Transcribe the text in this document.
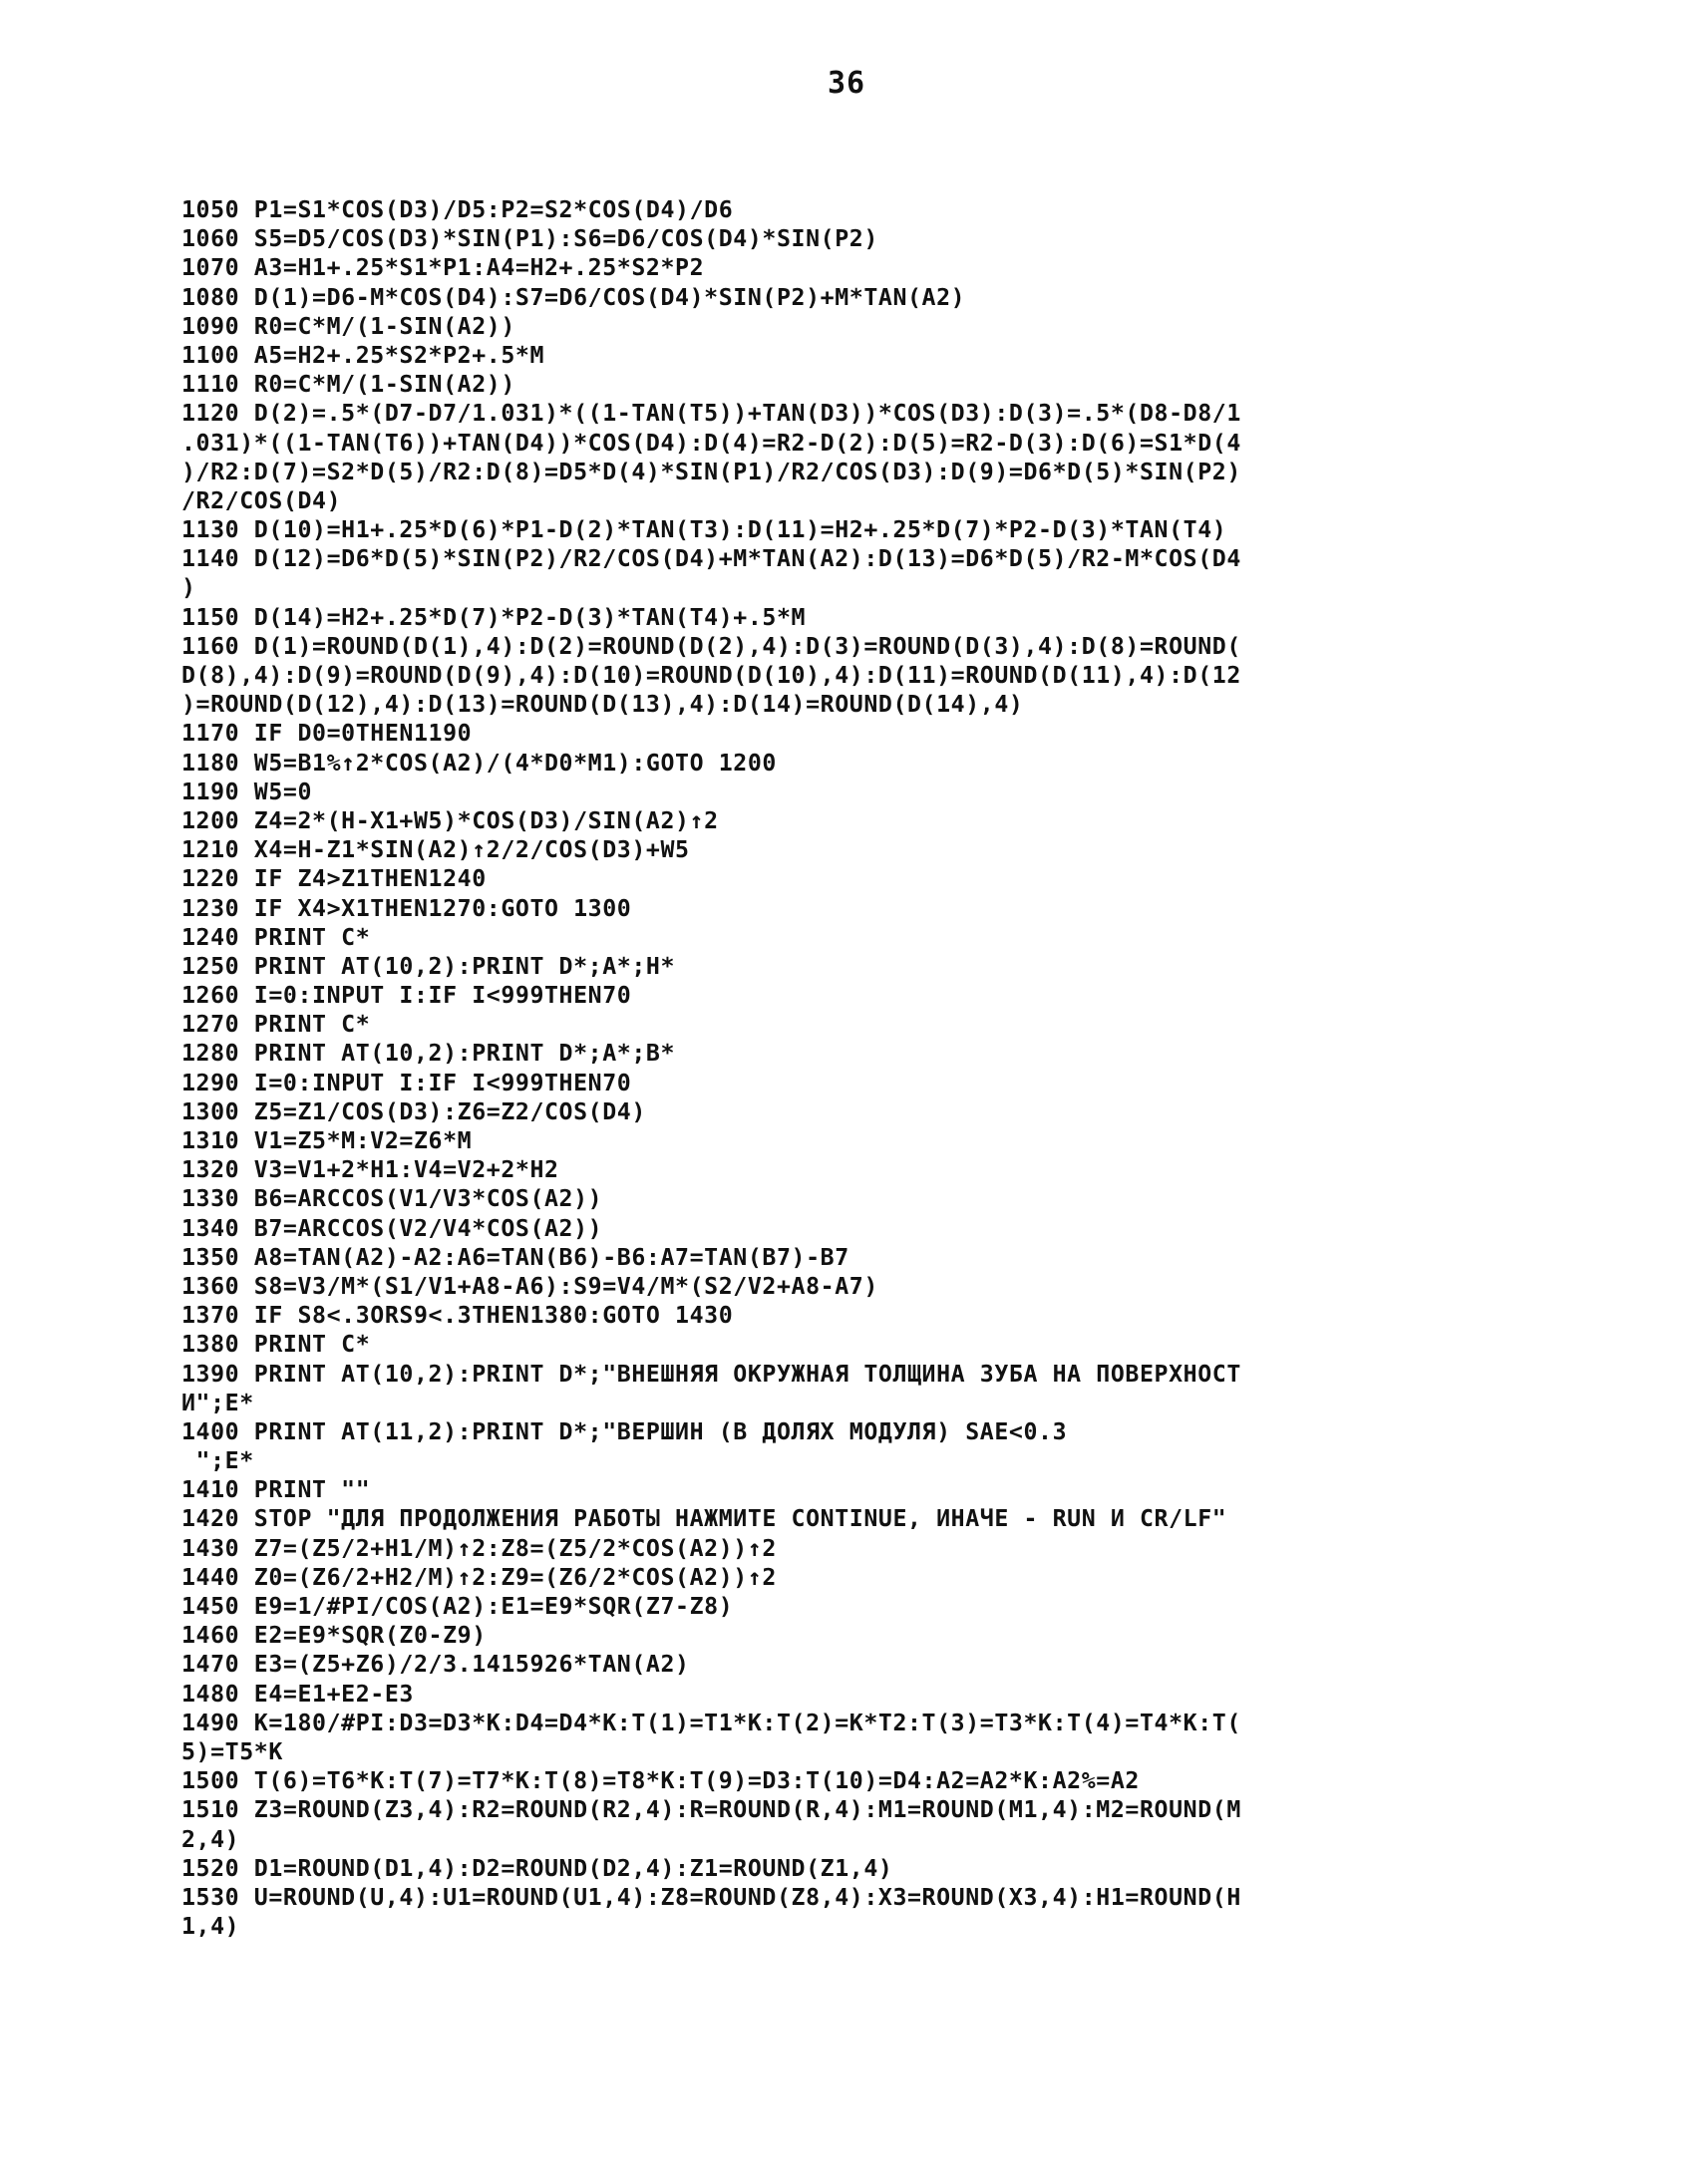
36
1050 P1=S1*COS(D3)/D5:P2=S2*COS(D4)/D6
1060 S5=D5/COS(D3)*SIN(P1):S6=D6/COS(D4)*SIN(P2)
1070 A3=H1+.25*S1*P1:A4=H2+.25*S2*P2
1080 D(1)=D6-M*COS(D4):S7=D6/COS(D4)*SIN(P2)+M*TAN(A2)
1090 R0=C*M/(1-SIN(A2))
1100 A5=H2+.25*S2*P2+.5*M
1110 R0=C*M/(1-SIN(A2))
1120 D(2)=.5*(D7-D7/1.031)*((1-TAN(T5))+TAN(D3))*COS(D3):D(3)=.5*(D8-D8/1
.031)*((1-TAN(T6))+TAN(D4))*COS(D4):D(4)=R2-D(2):D(5)=R2-D(3):D(6)=S1*D(4
)/R2:D(7)=S2*D(5)/R2:D(8)=D5*D(4)*SIN(P1)/R2/COS(D3):D(9)=D6*D(5)*SIN(P2)
/R2/COS(D4)
1130 D(10)=H1+.25*D(6)*P1-D(2)*TAN(T3):D(11)=H2+.25*D(7)*P2-D(3)*TAN(T4)
1140 D(12)=D6*D(5)*SIN(P2)/R2/COS(D4)+M*TAN(A2):D(13)=D6*D(5)/R2-M*COS(D4
)
1150 D(14)=H2+.25*D(7)*P2-D(3)*TAN(T4)+.5*M
1160 D(1)=ROUND(D(1),4):D(2)=ROUND(D(2),4):D(3)=ROUND(D(3),4):D(8)=ROUND(
D(8),4):D(9)=ROUND(D(9),4):D(10)=ROUND(D(10),4):D(11)=ROUND(D(11),4):D(12
)=ROUND(D(12),4):D(13)=ROUND(D(13),4):D(14)=ROUND(D(14),4)
1170 IF D0=0THEN1190
1180 W5=B1%↑2*COS(A2)/(4*D0*M1):GOTO 1200
1190 W5=0
1200 Z4=2*(H-X1+W5)*COS(D3)/SIN(A2)↑2
1210 X4=H-Z1*SIN(A2)↑2/2/COS(D3)+W5
1220 IF Z4>Z1THEN1240
1230 IF X4>X1THEN1270:GOTO 1300
1240 PRINT C*
1250 PRINT AT(10,2):PRINT D*;A*;H*
1260 I=0:INPUT I:IF I<999THEN70
1270 PRINT C*
1280 PRINT AT(10,2):PRINT D*;A*;B*
1290 I=0:INPUT I:IF I<999THEN70
1300 Z5=Z1/COS(D3):Z6=Z2/COS(D4)
1310 V1=Z5*M:V2=Z6*M
1320 V3=V1+2*H1:V4=V2+2*H2
1330 B6=ARCCOS(V1/V3*COS(A2))
1340 B7=ARCCOS(V2/V4*COS(A2))
1350 A8=TAN(A2)-A2:A6=TAN(B6)-B6:A7=TAN(B7)-B7
1360 S8=V3/M*(S1/V1+A8-A6):S9=V4/M*(S2/V2+A8-A7)
1370 IF S8<.3ORS9<.3THEN1380:GOTO 1430
1380 PRINT C*
1390 PRINT AT(10,2):PRINT D*;"ВНЕШНЯЯ ОКРУЖНАЯ ТОЛЩИНА ЗУБА НА ПОВЕРХНОСТ
И";E*
1400 PRINT AT(11,2):PRINT D*;"ВЕРШИН (В ДОЛЯХ МОДУЛЯ) SAE<0.3
";E*
1410 PRINT ""
1420 STOP "ДЛЯ ПРОДОЛЖЕНИЯ РАБОТЫ НАЖМИТЕ CONTINUE, ИНАЧЕ - RUN И CR/LF"
1430 Z7=(Z5/2+H1/M)↑2:Z8=(Z5/2*COS(A2))↑2
1440 Z0=(Z6/2+H2/M)↑2:Z9=(Z6/2*COS(A2))↑2
1450 E9=1/#PI/COS(A2):E1=E9*SQR(Z7-Z8)
1460 E2=E9*SQR(Z0-Z9)
1470 E3=(Z5+Z6)/2/3.1415926*TAN(A2)
1480 E4=E1+E2-E3
1490 K=180/#PI:D3=D3*K:D4=D4*K:T(1)=T1*K:T(2)=K*T2:T(3)=T3*K:T(4)=T4*K:T(
5)=T5*K
1500 T(6)=T6*K:T(7)=T7*K:T(8)=T8*K:T(9)=D3:T(10)=D4:A2=A2*K:A2%=A2
1510 Z3=ROUND(Z3,4):R2=ROUND(R2,4):R=ROUND(R,4):M1=ROUND(M1,4):M2=ROUND(M
2,4)
1520 D1=ROUND(D1,4):D2=ROUND(D2,4):Z1=ROUND(Z1,4)
1530 U=ROUND(U,4):U1=ROUND(U1,4):Z8=ROUND(Z8,4):X3=ROUND(X3,4):H1=ROUND(H
1,4)
